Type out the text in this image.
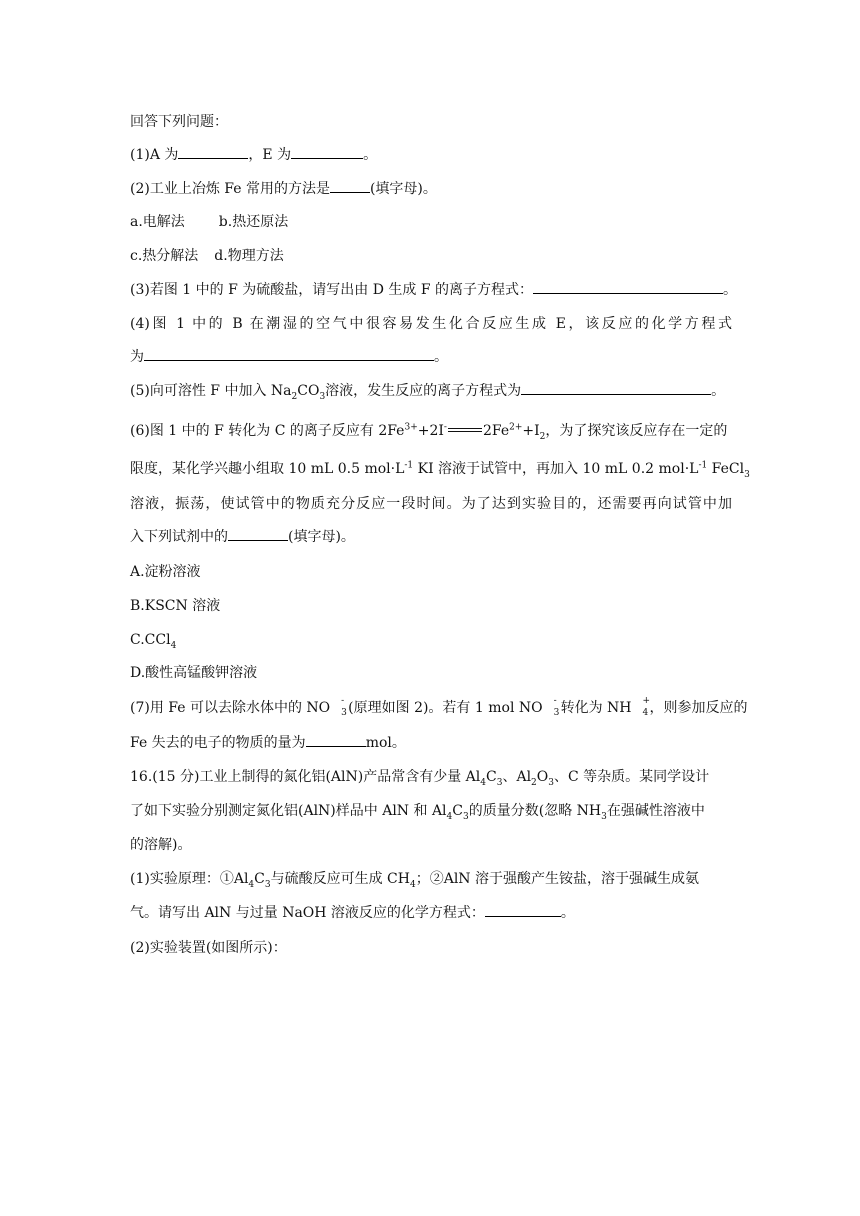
回答下列问题：
(1)A 为	，E 为	。
(2)工业上冶炼 Fe 常用的方法是	(填字母)。
a.电解法 b.热还原法
c.热分解法 d.物理方法
(3)若图 1 中的 F 为硫酸盐，请写出由 D 生成 F 的离子方程式：	。
(4)图 1 中的 B 在潮湿的空气中很容易发生化合反应生成 E，该反应的化学方程式
为	。
(5)向可溶性 F 中加入 $Na_2CO_3$溶液，发生反应的离子方程式为	。
(6)图 1 中的 F 转化为 C 的离子反应有 $2Fe^{3+}+2I^-$	$2Fe^{2+}+I_2$，为了探究该反应存在一定的
限度，某化学兴趣小组取 10 mL 0.5 $mol\cdot L^{-1}$ KI 溶液于试管中，再加入 10 mL 0.2 $mol\cdot L^{-1}$ FeCl$_3$
溶液，振荡，使试管中的物质充分反应一段时间。为了达到实验目的，还需要再向试管中加
入下列试剂中的	(填字母)。
A.淀粉溶液
B.KSCN 溶液
C.CCl$_4$
D.酸性高锰酸钾溶液
(7)用 Fe 可以去除水体中的 NO -
3 (原理如图 2)。若有 1 mol NO -
3 转化为 NH +
4 ，则参加反应的
Fe 失去的电子的物质的量为	mol。
16.(15 分)工业上制得的氮化铝(AlN)产品常含有少量 $Al_4C_3$、$Al_2O_3$、C 等杂质。某同学设计
了如下实验分别测定氮化铝(AlN)样品中 AlN 和 $Al_4C_3$的质量分数(忽略 $NH_3$在强碱性溶液中
的溶解)。
(1)实验原理：$①Al_4C_3$与硫酸反应可生成 $CH_4$；②AlN 溶于强酸产生铵盐，溶于强碱生成氨
气。请写出 AlN 与过量 NaOH 溶液反应的化学方程式：	。
(2)实验装置(如图所示)：
